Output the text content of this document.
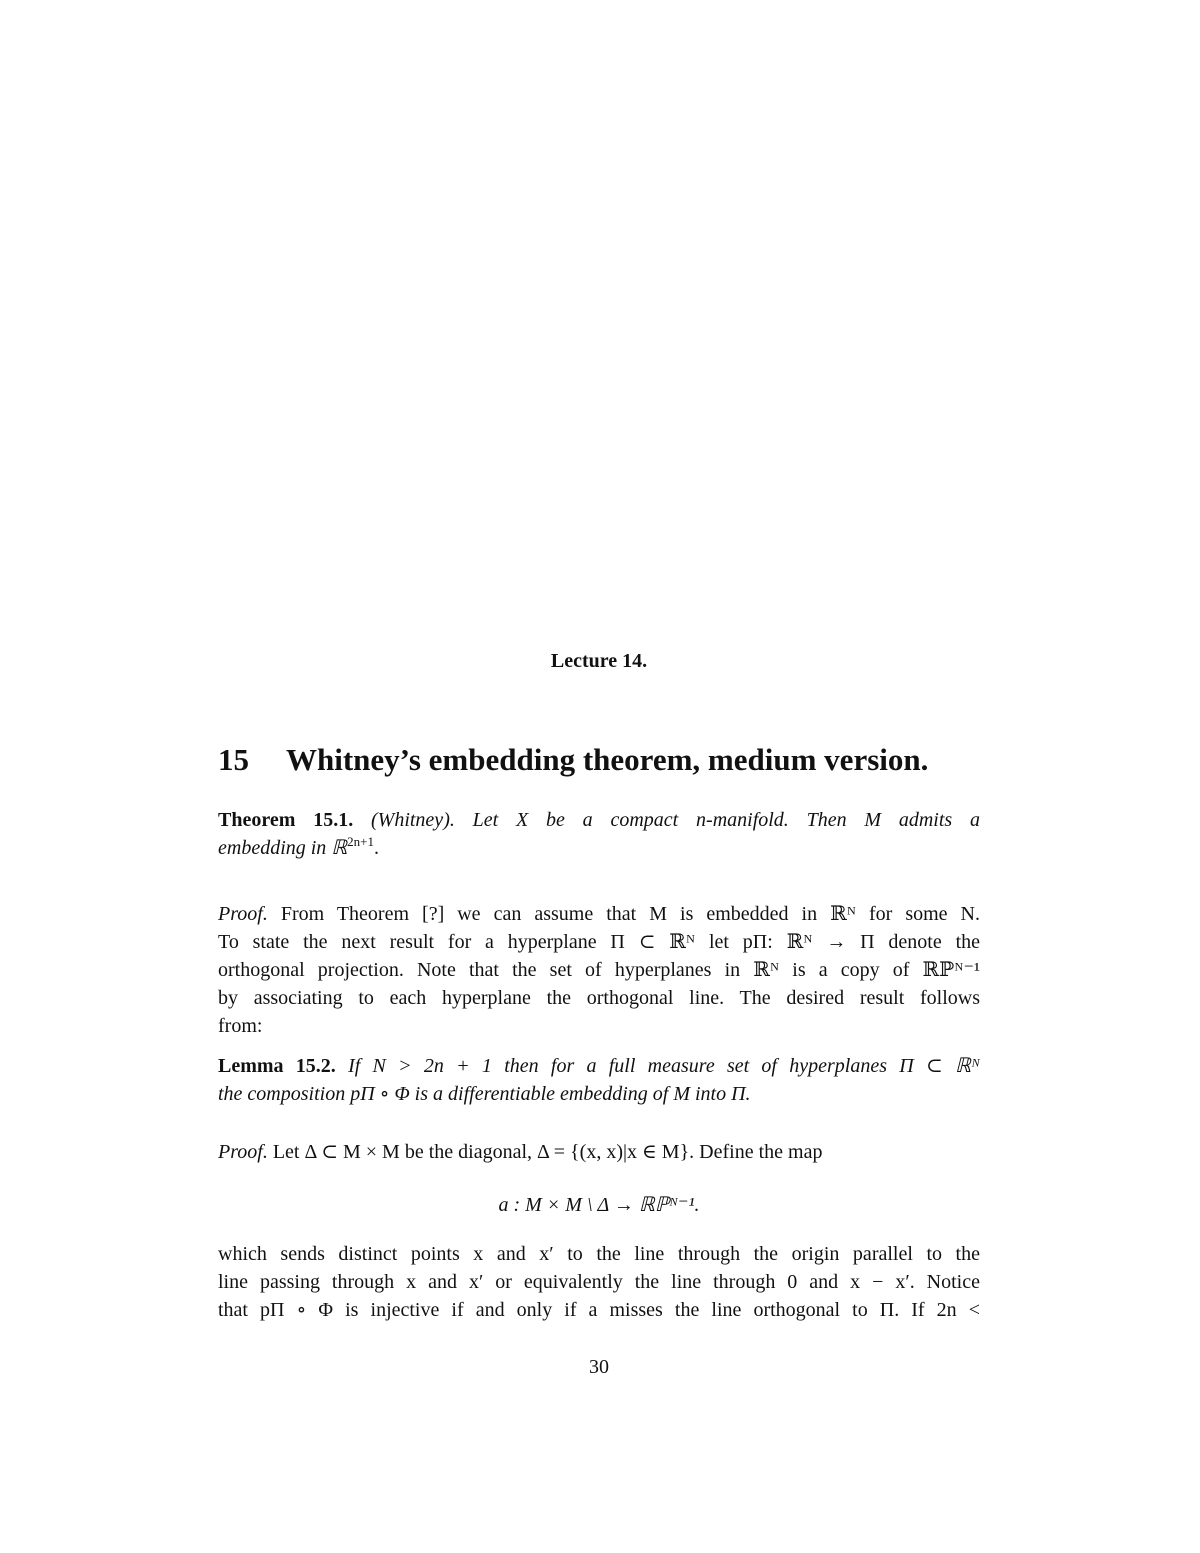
Lecture 14.
15 Whitney’s embedding theorem, medium version.
Theorem 15.1. (Whitney). Let X be a compact n-manifold. Then M admits a
embedding in ℝ$^{2n+1}$.
Proof. From Theorem [?] we can assume that M is embedded in ℝᴺ for some N.
To state the next result for a hyperplane Π ⊂ ℝᴺ let pΠ: ℝᴺ → Π denote the
orthogonal projection. Note that the set of hyperplanes in ℝᴺ is a copy of ℝℙᴺ⁻¹
by associating to each hyperplane the orthogonal line. The desired result follows
from:
Lemma 15.2. If N > 2n + 1 then for a full measure set of hyperplanes Π ⊂ ℝᴺ
the composition pΠ ∘ Φ is a differentiable embedding of M into Π.
Proof. Let Δ ⊂ M × M be the diagonal, Δ = {(x, x)|x ∈ M}. Define the map
a : M × M \ Δ → ℝℙᴺ⁻¹.
which sends distinct points x and x′ to the line through the origin parallel to the
line passing through x and x′ or equivalently the line through 0 and x − x′. Notice
that pΠ ∘ Φ is injective if and only if a misses the line orthogonal to Π. If 2n <
30
